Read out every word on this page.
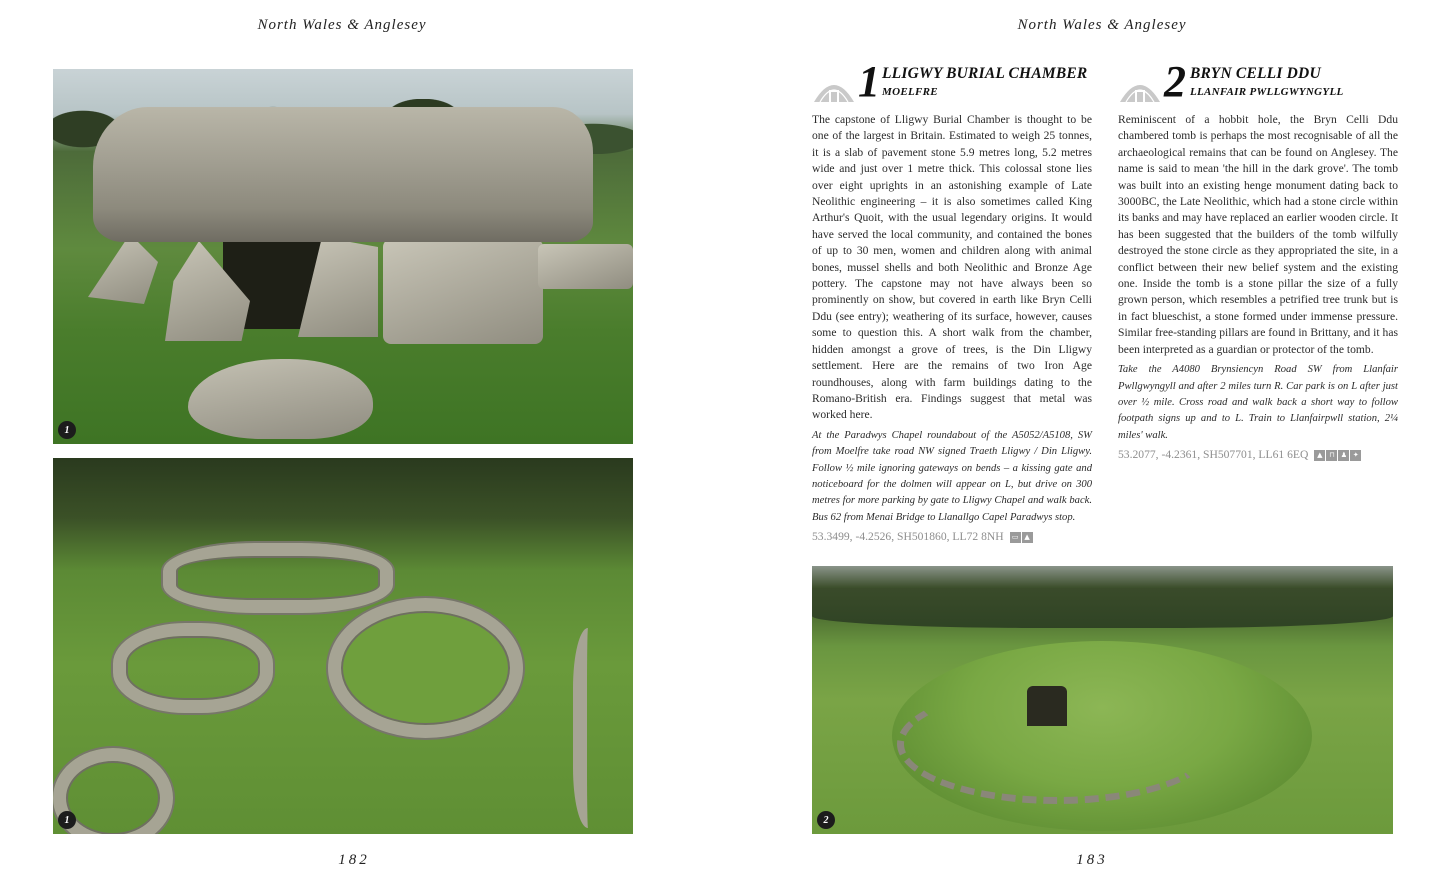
North Wales & Anglesey	North Wales & Anglesey
1
1
1 LLIGWY BURIAL CHAMBER
MOELFRE

The capstone of Lligwy Burial Chamber is thought to be one of the largest in Britain. Estimated to weigh 25 tonnes, it is a slab of pavement stone 5.9 metres long, 5.2 metres wide and just over 1 metre thick. This colossal stone lies over eight uprights in an astonishing example of Late Neolithic engineering – it is also sometimes called King Arthur's Quoit, with the usual legendary origins. It would have served the local community, and contained the bones of up to 30 men, women and children along with animal bones, mussel shells and both Neolithic and Bronze Age pottery. The capstone may not have always been so prominently on show, but covered in earth like Bryn Celli Ddu (see entry); weathering of its surface, however, causes some to question this. A short walk from the chamber, hidden amongst a grove of trees, is the Din Lligwy settlement. Here are the remains of two Iron Age roundhouses, along with farm buildings dating to the Romano-British era. Findings suggest that metal was worked here.

At the Paradwys Chapel roundabout of the A5052/A5108, SW from Moelfre take road NW signed Traeth Lligwy / Din Lligwy. Follow ½ mile ignoring gateways on bends – a kissing gate and noticeboard for the dolmen will appear on L, but drive on 300 metres for more parking by gate to Lligwy Chapel and walk back. Bus 62 from Menai Bridge to Llanallgo Capel Paradwys stop.

53.3499, -4.2526, SH501860, LL72 8NH	▭ ▲
2 BRYN CELLI DDU
LLANFAIR PWLLGWYNGYLL

Reminiscent of a hobbit hole, the Bryn Celli Ddu chambered tomb is perhaps the most recognisable of all the archaeological remains that can be found on Anglesey. The name is said to mean 'the hill in the dark grove'. The tomb was built into an existing henge monument dating back to 3000BC, the Late Neolithic, which had a stone circle within its banks and may have replaced an earlier wooden circle. It has been suggested that the builders of the tomb wilfully destroyed the stone circle as they appropriated the site, in a conflict between their new belief system and the existing one. Inside the tomb is a stone pillar the size of a fully grown person, which resembles a petrified tree trunk but is in fact blueschist, a stone formed under immense pressure. Similar free-standing pillars are found in Brittany, and it has been interpreted as a guardian or protector of the tomb.

Take the A4080 Brynsiencyn Road SW from Llanfair Pwllgwyngyll and after 2 miles turn R. Car park is on L after just over ½ mile. Cross road and walk back a short way to follow footpath signs up and to L. Train to Llanfairpwll station, 2¼ miles' walk.

53.2077, -4.2361, SH507701, LL61 6EQ	▲ ⊓ ♟ ✦
2
182	183
